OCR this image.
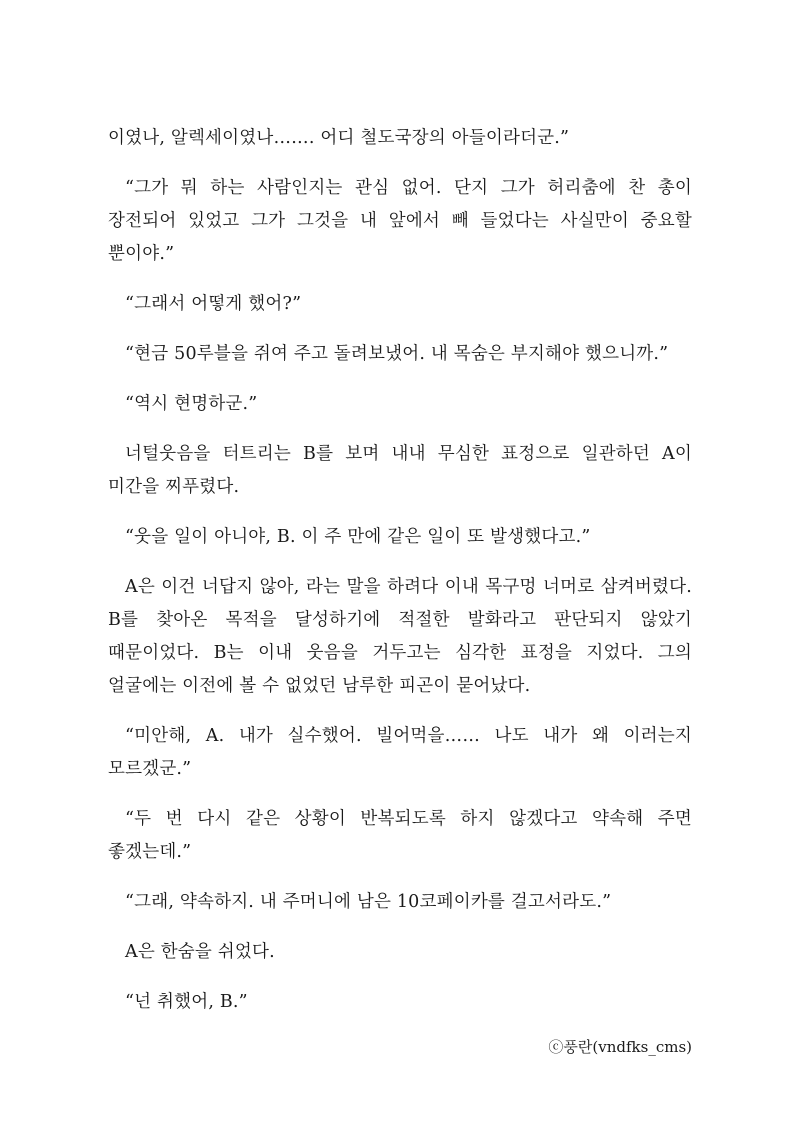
이였나, 알렉세이였나……. 어디 철도국장의 아들이라더군.”

“그가 뭐 하는 사람인지는 관심 없어. 단지 그가 허리춤에 찬 총이 장전되어 있었고 그가 그것을 내 앞에서 빼 들었다는 사실만이 중요할 뿐이야.”

“그래서 어떻게 했어?”

“현금 50루블을 쥐여 주고 돌려보냈어. 내 목숨은 부지해야 했으니까.”

“역시 현명하군.”

너털웃음을 터트리는 B를 보며 내내 무심한 표정으로 일관하던 A이 미간을 찌푸렸다.

“웃을 일이 아니야, B. 이 주 만에 같은 일이 또 발생했다고.”

A은 이건 너답지 않아, 라는 말을 하려다 이내 목구멍 너머로 삼켜버렸다. B를 찾아온 목적을 달성하기에 적절한 발화라고 판단되지 않았기 때문이었다. B는 이내 웃음을 거두고는 심각한 표정을 지었다. 그의 얼굴에는 이전에 볼 수 없었던 남루한 피곤이 묻어났다.

“미안해, A. 내가 실수했어. 빌어먹을…… 나도 내가 왜 이러는지 모르겠군.”

“두 번 다시 같은 상황이 반복되도록 하지 않겠다고 약속해 주면 좋겠는데.”

“그래, 약속하지. 내 주머니에 남은 10코페이카를 걸고서라도.”

A은 한숨을 쉬었다.

“넌 취했어, B.”

ⓒ풍란(vndfks_cms)
